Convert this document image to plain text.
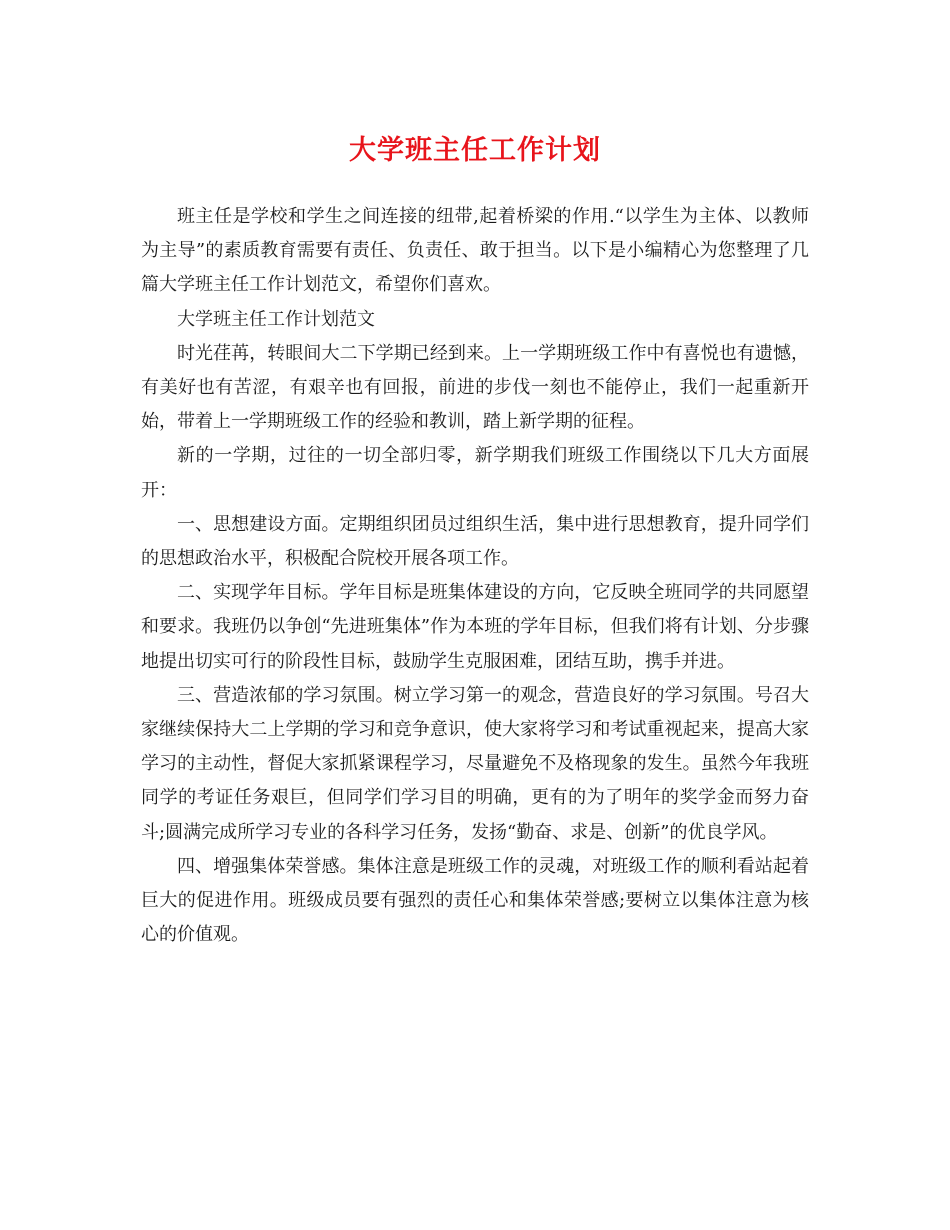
大学班主任工作计划

班主任是学校和学生之间连接的纽带,起着桥梁的作用.“以学生为主体、以教师为主导”的素质教育需要有责任、负责任、敢于担当。以下是小编精心为您整理了几篇大学班主任工作计划范文，希望你们喜欢。

大学班主任工作计划范文

时光荏苒，转眼间大二下学期已经到来。上一学期班级工作中有喜悦也有遗憾，有美好也有苦涩，有艰辛也有回报，前进的步伐一刻也不能停止，我们一起重新开始，带着上一学期班级工作的经验和教训，踏上新学期的征程。

新的一学期，过往的一切全部归零，新学期我们班级工作围绕以下几大方面展开：

一、思想建设方面。定期组织团员过组织生活，集中进行思想教育，提升同学们的思想政治水平，积极配合院校开展各项工作。

二、实现学年目标。学年目标是班集体建设的方向，它反映全班同学的共同愿望和要求。我班仍以争创“先进班集体”作为本班的学年目标，但我们将有计划、分步骤地提出切实可行的阶段性目标，鼓励学生克服困难，团结互助，携手并进。

三、营造浓郁的学习氛围。树立学习第一的观念，营造良好的学习氛围。号召大家继续保持大二上学期的学习和竞争意识，使大家将学习和考试重视起来，提高大家学习的主动性，督促大家抓紧课程学习，尽量避免不及格现象的发生。虽然今年我班同学的考证任务艰巨，但同学们学习目的明确，更有的为了明年的奖学金而努力奋斗;圆满完成所学习专业的各科学习任务，发扬“勤奋、求是、创新”的优良学风。

四、增强集体荣誉感。集体注意是班级工作的灵魂，对班级工作的顺利看站起着巨大的促进作用。班级成员要有强烈的责任心和集体荣誉感;要树立以集体注意为核心的价值观。
